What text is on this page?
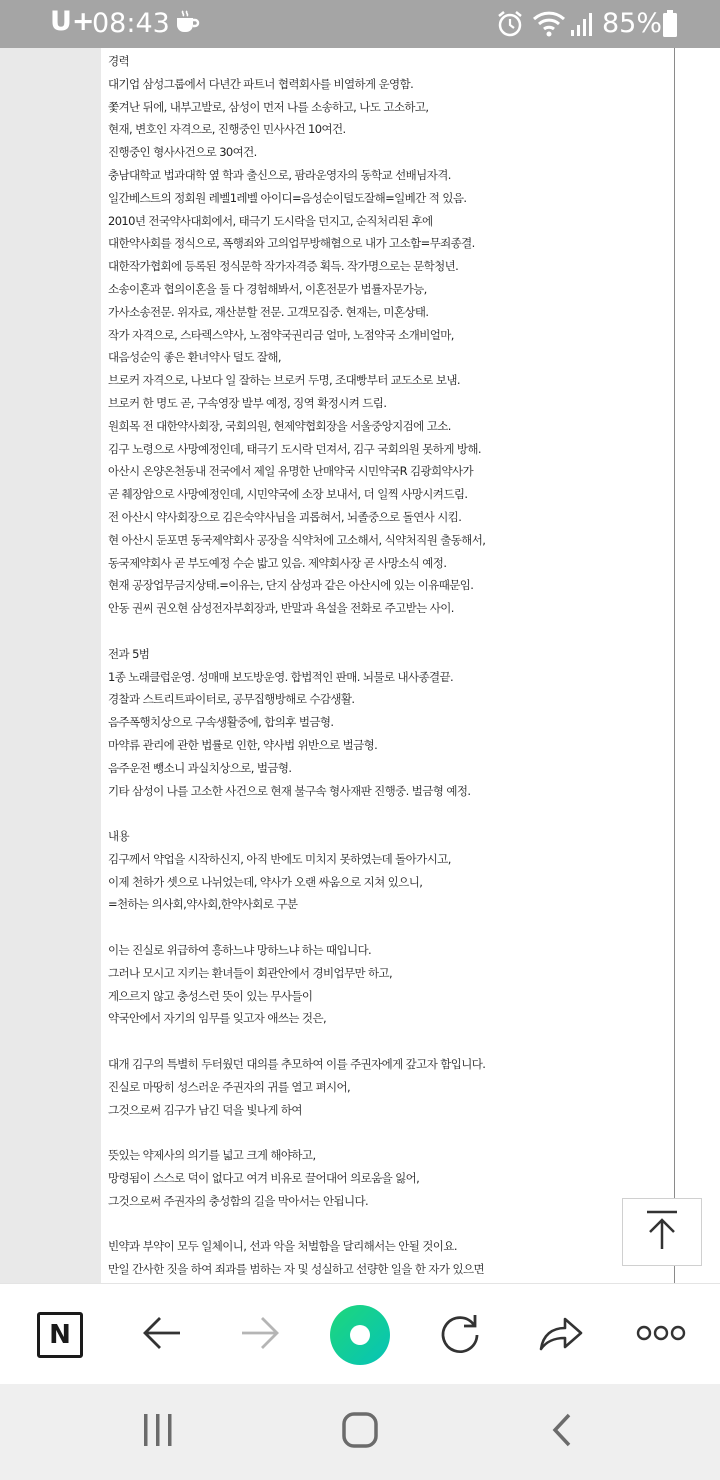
U+
08:43	85%
경력
대기업 삼성그룹에서 다년간 파트너 협력회사를 비열하게 운영함.
쫓겨난 뒤에, 내부고발로, 삼성이 먼저 나를 소송하고, 나도 고소하고,
현재, 변호인 자격으로, 진행중인 민사사건 10여건.
진행중인 형사사건으로 30여건.
충남대학교 법과대학 옆 학과 출신으로, 팜라운영자의 동학교 선배님자격.
일간베스트의 정회원 레벨1레벨 아이디=음성순이덜도잘해=일베간 적 있음.
2010년 전국약사대회에서, 태극기 도시락을 던지고, 순직처리된 후에
대한약사회를 정식으로, 폭행죄와 고의업무방해혐으로 내가 고소함=무죄종결.
대한작가협회에 등록된 정식문학 작가자격증 획득. 작가명으로는 문학청년.
소송이혼과 협의이혼을 둘 다 경험해봐서, 이혼전문가 법률자문가능,
가사소송전문. 위자료, 재산분할 전문. 고객모집중. 현재는, 미혼상태.
작가 자격으로, 스타렉스약사, 노점약국권리금 얼마, 노점약국 소개비얼마,
대음성순익 좋은 환녀약사 덜도 잘해,
브로커 자격으로, 나보다 일 잘하는 브로커 두명, 조대빵부터 교도소로 보냄.
브로커 한 명도 곧, 구속영장 발부 예정, 징역 확정시켜 드림.
원희목 전 대한약사회장, 국회의원, 현제약협회장을 서울중앙지검에 고소.
김구 노령으로 사망예정인데, 태극기 도시락 던져서, 김구 국회의원 못하게 방해.
아산시 온양온천동내 전국에서 제일 유명한 난매약국 시민약국R 김광희약사가
곧 췌장암으로 사망예정인데, 시민약국에 소장 보내서, 더 일찍 사망시켜드림.
전 아산시 약사회장으로 김은숙약사님을 괴롭혀서, 뇌졸중으로 돌연사 시킴.
현 아산시 둔포면 동국제약회사 공장을 식약처에 고소해서, 식약처직원 출동해서,
동국제약회사 곧 부도예정 수순 밟고 있음. 제약회사장 곧 사망소식 예정.
현재 공장업무금지상태.=이유는, 단지 삼성과 같은 아산시에 있는 이유때문임.
안동 권씨 권오현 삼성전자부회장과, 반말과 욕설을 전화로 주고받는 사이.
전과 5범
1종 노래클럽운영. 성매매 보도방운영. 합법적인 판매. 뇌물로 내사종결끝.
경찰과 스트리트파이터로, 공무집행방해로 수감생활.
음주폭행치상으로 구속생활중에, 합의후 벌금형.
마약류 관리에 관한 법률로 인한, 약사법 위반으로 벌금형.
음주운전 뺑소니 과실치상으로, 벌금형.
기타 삼성이 나를 고소한 사건으로 현재 불구속 형사재판 진행중. 벌금형 예정.
내용
김구께서 약업을 시작하신지, 아직 반에도 미치지 못하였는데 돌아가시고,
이제 천하가 셋으로 나뉘었는데, 약사가 오랜 싸움으로 지쳐 있으니,
=천하는 의사회,약사회,한약사회로 구분
이는 진실로 위급하여 흥하느냐 망하느냐 하는 때입니다.
그러나 모시고 지키는 환녀들이 회관안에서 경비업무만 하고,
게으르지 않고 충성스런 뜻이 있는 무사들이
약국안에서 자기의 임무를 잊고자 애쓰는 것은,
대개 김구의 특별히 두터웠던 대의를 추모하여 이를 주권자에게 갚고자 함입니다.
진실로 마땅히 성스러운 주권자의 귀를 열고 펴시어,
그것으로써 김구가 남긴 덕을 빛나게 하여
뜻있는 약제사의 의기를 넓고 크게 해야하고,
망령됨이 스스로 덕이 없다고 여겨 비유로 끌어대어 의로움을 잃어,
그것으로써 주권자의 충성함의 길을 막아서는 안됩니다.
빈약과 부약이 모두 일체이니, 선과 악을 처벌함을 달리해서는 안될 것이요.
만일 간사한 짓을 하여 죄과를 범하는 자 및 성실하고 선량한 일을 한 자가 있으면
N
